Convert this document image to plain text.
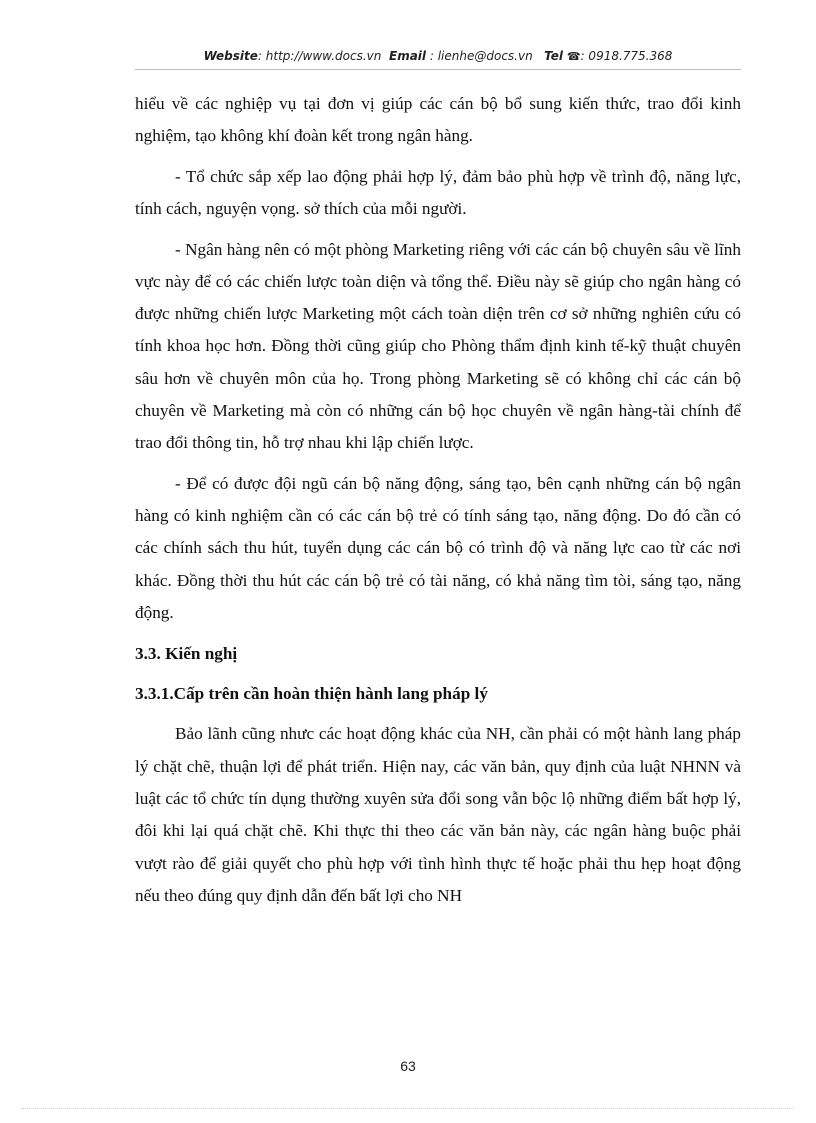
Website: http://www.docs.vn Email : lienhe@docs.vn Tel ☎: 0918.775.368

hiểu về các nghiệp vụ tại đơn vị giúp các cán bộ bổ sung kiến thức, trao đổi kinh nghiệm, tạo không khí đoàn kết trong ngân hàng.

- Tổ chức sắp xếp lao động phải hợp lý, đảm bảo phù hợp về trình độ, năng lực, tính cách, nguyện vọng. sở thích của mỗi người.

- Ngân hàng nên có một phòng Marketing riêng với các cán bộ chuyên sâu về lĩnh vực này để có các chiến lược toàn diện và tổng thể. Điều này sẽ giúp cho ngân hàng có được những chiến lược Marketing một cách toàn diện trên cơ sở những nghiên cứu có tính khoa học hơn. Đồng thời cũng giúp cho Phòng thẩm định kinh tế-kỹ thuật chuyên sâu hơn về chuyên môn của họ. Trong phòng Marketing sẽ có không chỉ các cán bộ chuyên về Marketing mà còn có những cán bộ học chuyên về ngân hàng-tài chính để trao đổi thông tin, hỗ trợ nhau khi lập chiến lược.

- Để có được đội ngũ cán bộ năng động, sáng tạo, bên cạnh những cán bộ ngân hàng có kinh nghiệm cần có các cán bộ trẻ có tính sáng tạo, năng động. Do đó cần có các chính sách thu hút, tuyển dụng các cán bộ có trình độ và năng lực cao từ các nơi khác. Đồng thời thu hút các cán bộ trẻ có tài năng, có khả năng tìm tòi, sáng tạo, năng động.

3.3. Kiến nghị

3.3.1.Cấp trên cần hoàn thiện hành lang pháp lý

Bảo lãnh cũng nhưc các hoạt động khác của NH, cần phải có một hành lang pháp lý chặt chẽ, thuận lợi để phát triển. Hiện nay, các văn bản, quy định của luật NHNN và luật các tổ chức tín dụng thường xuyên sửa đổi song vẫn bộc lộ những điểm bất hợp lý, đôi khi lại quá chặt chẽ. Khi thực thi theo các văn bản này, các ngân hàng buộc phải vượt rào để giải quyết cho phù hợp với tình hình thực tế hoặc phải thu hẹp hoạt động nếu theo đúng quy định dẫn đến bất lợi cho NH

63
